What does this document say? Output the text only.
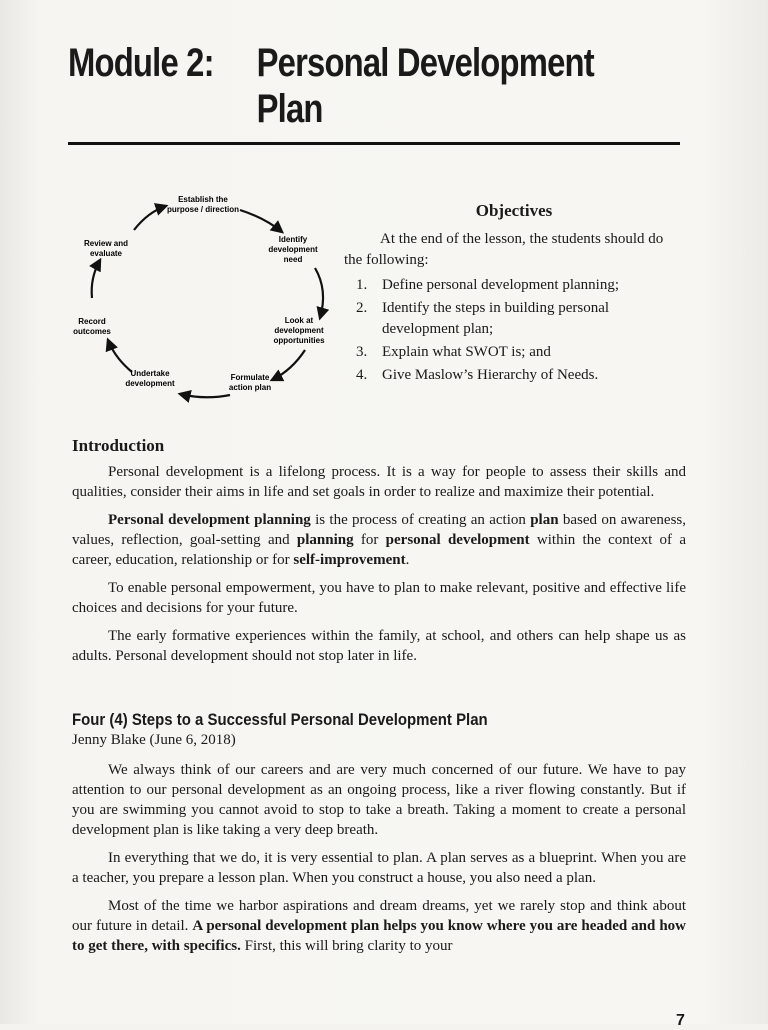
Module 2: Personal Development
Plan
Establish the
purpose / direction
Identify
development
need
Look at
development
opportunities
Formulate
action plan
Undertake
development
Record
outcomes
Review and
evaluate
Objectives

At the end of the lesson, the students should do the following:

1. Define personal development planning;
2. Identify the steps in building personal development plan;
3. Explain what SWOT is; and
4. Give Maslow’s Hierarchy of Needs.

Introduction

Personal development is a lifelong process. It is a way for people to assess their skills and qualities, consider their aims in life and set goals in order to realize and maximize their potential.

Personal development planning is the process of creating an action plan based on awareness, values, reflection, goal-setting and planning for personal development within the context of a career, education, relationship or for self-improvement.

To enable personal empowerment, you have to plan to make relevant, positive and effective life choices and decisions for your future.

The early formative experiences within the family, at school, and others can help shape us as adults. Personal development should not stop later in life.

Four (4) Steps to a Successful Personal Development Plan

Jenny Blake (June 6, 2018)

We always think of our careers and are very much concerned of our future. We have to pay attention to our personal development as an ongoing process, like a river flowing constantly. But if you are swimming you cannot avoid to stop to take a breath. Taking a moment to create a personal development plan is like taking a very deep breath.

In everything that we do, it is very essential to plan. A plan serves as a blueprint. When you are a teacher, you prepare a lesson plan. When you construct a house, you also need a plan.

Most of the time we harbor aspirations and dream dreams, yet we rarely stop and think about our future in detail. A personal development plan helps you know where you are headed and how to get there, with specifics. First, this will bring clarity to your

7
